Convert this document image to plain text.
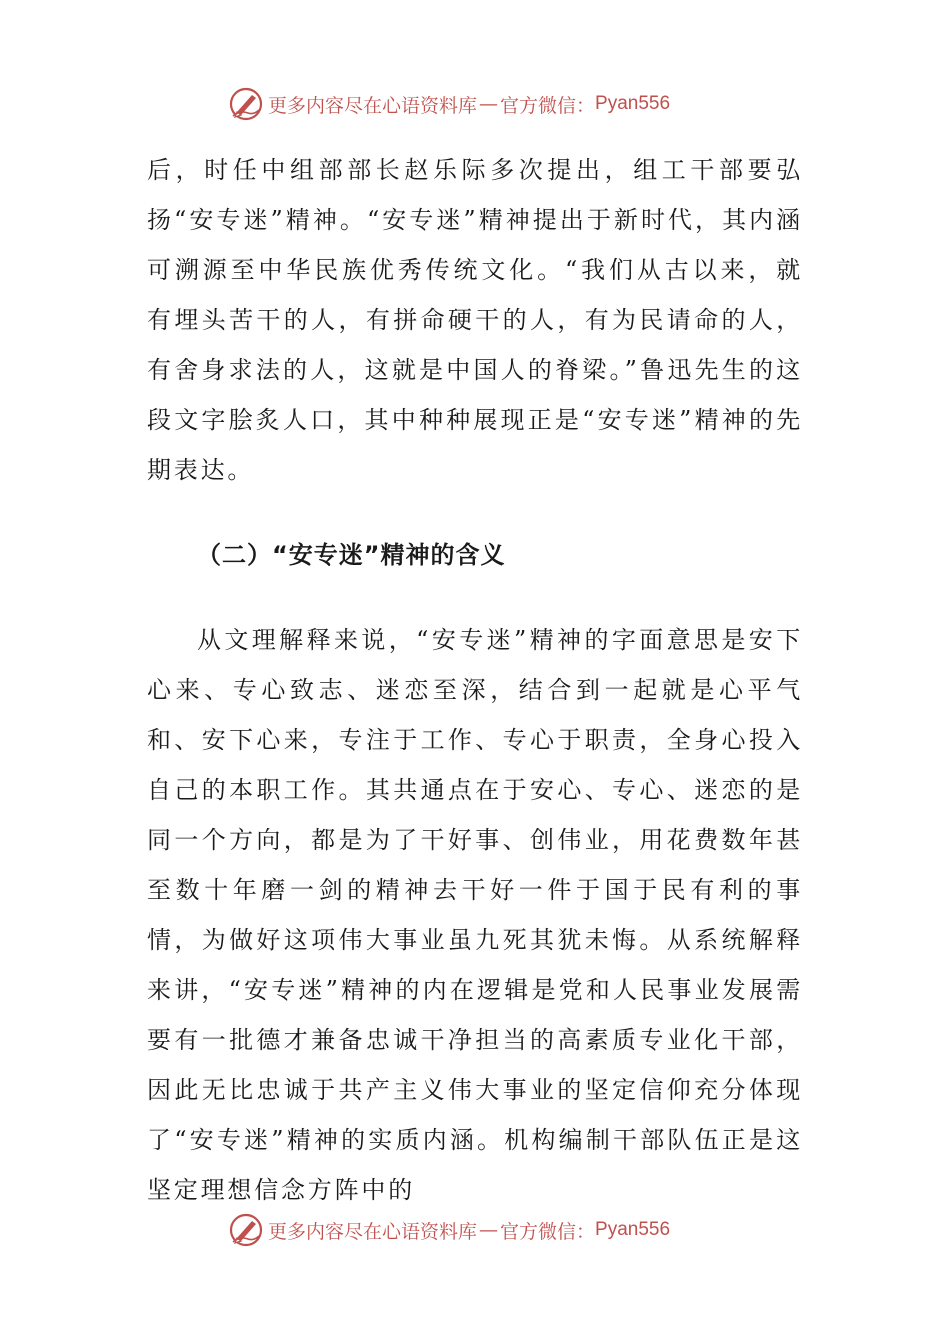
更多内容尽在心语资料库 — 官方微信： Pyan556

后，时任中组部部长赵乐际多次提出，组工干部要弘扬“安专迷”精神。“安专迷”精神提出于新时代，其内涵可溯源至中华民族优秀传统文化。“我们从古以来，就有埋头苦干的人，有拼命硬干的人，有为民请命的人，有舍身求法的人，这就是中国人的脊梁。”鲁迅先生的这段文字脍炙人口，其中种种展现正是“安专迷”精神的先期表达。

（二）“安专迷”精神的含义

从文理解释来说，“安专迷”精神的字面意思是安下心来、专心致志、迷恋至深，结合到一起就是心平气和、安下心来，专注于工作、专心于职责，全身心投入自己的本职工作。其共通点在于安心、专心、迷恋的是同一个方向，都是为了干好事、创伟业，用花费数年甚至数十年磨一剑的精神去干好一件于国于民有利的事情，为做好这项伟大事业虽九死其犹未悔。从系统解释来讲，“安专迷”精神的内在逻辑是党和人民事业发展需要有一批德才兼备忠诚干净担当的高素质专业化干部，因此无比忠诚于共产主义伟大事业的坚定信仰充分体现了“安专迷”精神的实质内涵。机构编制干部队伍正是这坚定理想信念方阵中的

更多内容尽在心语资料库 — 官方微信： Pyan556
